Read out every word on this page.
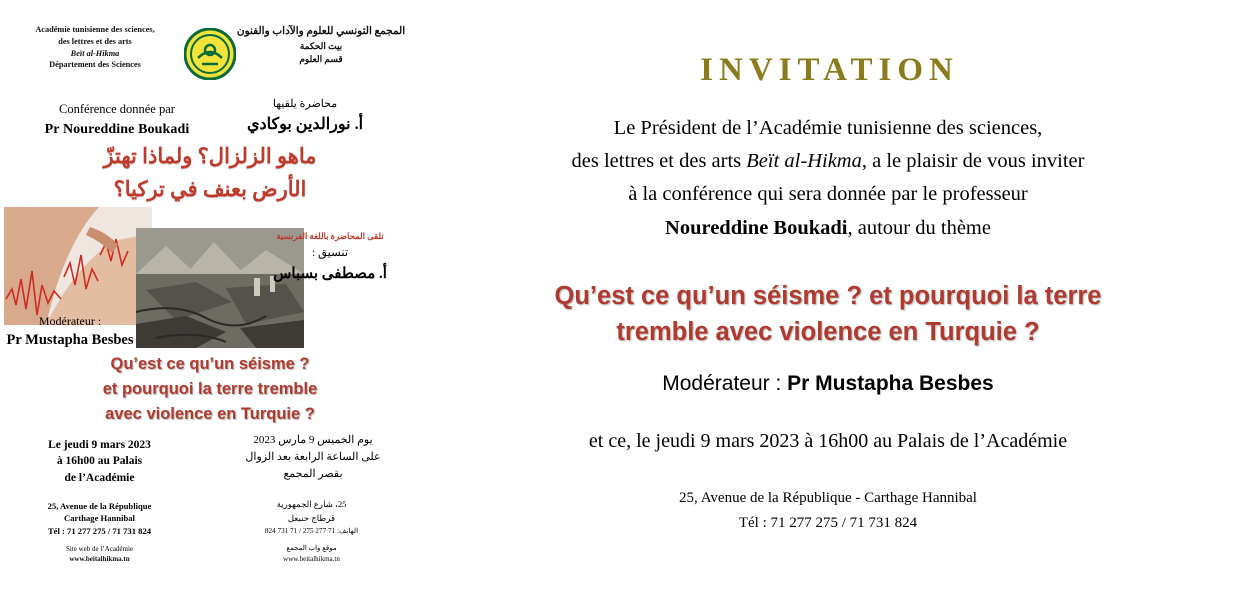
Académie tunisienne des sciences,
des lettres et des arts
Beït al-Hikma
Département des Sciences
المجمع التونسي للعلوم والآداب والفنون
بيت الحكمة
قسم العلوم
Conférence donnée par
Pr Noureddine Boukadi
محاضرة يلقيها
أ. نورالدين بوكادي
ماهو الزلزال؟ ولماذا تهتزّ
الأرض بعنف في تركيا؟
تلقى المحاضرة باللغة الفرنسية
تنسيق :
أ. مصطفى بسباس
Modérateur :
Pr Mustapha Besbes
Qu’est ce qu’un séisme ?
et pourquoi la terre tremble
avec violence en Turquie ?
Le jeudi 9 mars 2023
à 16h00 au Palais
de l’Académie
يوم الخميس 9 مارس 2023
على الساعة الرابعة بعد الزوال
بقصر المجمع
25, Avenue de la République
Carthage Hannibal
Tél : 71 277 275 / 71 731 824
25، شارع الجمهورية
قرطاج حنبعل
الهاتف: 71 277 275 / 71 731 824
Site web de l’Académie
www.beitalhikma.tn
موقع واب المجمع
www.beitalhikma.tn
INVITATION
Le Président de l’Académie tunisienne des sciences,
des lettres et des arts Beït al-Hikma, a le plaisir de vous inviter
à la conférence qui sera donnée par le professeur
Noureddine Boukadi, autour du thème
Qu’est ce qu’un séisme ? et pourquoi la terre
tremble avec violence en Turquie ?
Modérateur : Pr Mustapha Besbes
et ce, le jeudi 9 mars 2023 à 16h00 au Palais de l’Académie
25, Avenue de la République - Carthage Hannibal
Tél : 71 277 275 / 71 731 824
